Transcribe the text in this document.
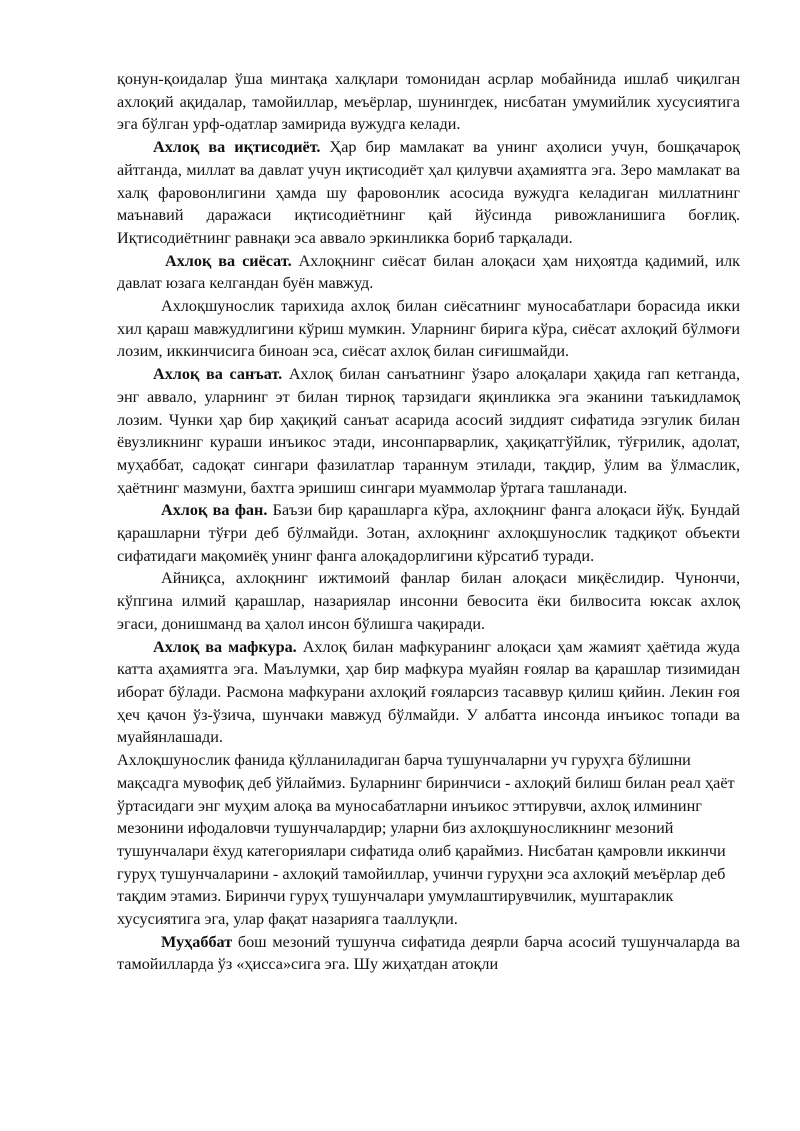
қонун-қоидалар ўша минтақа халқлари томонидан асрлар мобайнида ишлаб чиқилган ахлоқий ақидалар, тамойиллар, меъёрлар, шунингдек, нисбатан умумийлик хусусиятига эга бўлган урф-одатлар замирида вужудга келади.

Ахлоқ ва иқтисодиёт. Ҳар бир мамлакат ва унинг аҳолиси учун, бошқачароқ айтганда, миллат ва давлат учун иқтисодиёт ҳал қилувчи аҳамиятга эга. Зеро мамлакат ва халқ фаровонлигини ҳамда шу фаровонлик асосида вужудга келадиган миллатнинг маънавий даражаси иқтисодиётнинг қай йўсинда ривожланишига боғлиқ. Иқтисодиётнинг равнақи эса аввало эркинликка бориб тарқалади.

Ахлоқ ва сиёсат. Ахлоқнинг сиёсат билан алоқаси ҳам ниҳоятда қадимий, илк давлат юзага келгандан буён мавжуд.

Ахлоқшунослик тарихида ахлоқ билан сиёсатнинг муносабатлари борасида икки хил қараш мавжудлигини кўриш мумкин. Уларнинг бирига кўра, сиёсат ахлоқий бўлмоғи лозим, иккинчисига биноан эса, сиёсат ахлоқ билан сиғишмайди.

Ахлоқ ва санъат. Ахлоқ билан санъатнинг ўзаро алоқалари ҳақида гап кетганда, энг аввало, уларнинг эт билан тирноқ тарзидаги яқинликка эга эканини таъкидламоқ лозим. Чунки ҳар бир ҳақиқий санъат асарида асосий зиддият сифатида эзгулик билан ёвузликнинг кураши инъикос этади, инсонпарварлик, ҳақиқатгўйлик, тўғрилик, адолат, муҳаббат, садоқат сингари фазилатлар тараннум этилади, тақдир, ўлим ва ўлмаслик, ҳаётнинг мазмуни, бахтга эришиш сингари муаммолар ўртага ташланади.

Ахлоқ ва фан. Баъзи бир қарашларга кўра, ахлоқнинг фанга алоқаси йўқ. Бундай қарашларни тўғри деб бўлмайди. Зотан, ахлоқнинг ахлоқшунослик тадқиқот объекти сифатидаги мақомиёқ унинг фанга алоқадорлигини кўрсатиб туради.

Айниқса, ахлоқнинг ижтимоий фанлар билан алоқаси миқёслидир. Чунончи, кўпгина илмий қарашлар, назариялар инсонни бевосита ёки билвосита юксак ахлоқ эгаси, донишманд ва ҳалол инсон бўлишга чақиради.

Ахлоқ ва мафкура. Ахлоқ билан мафкуранинг алоқаси ҳам жамият ҳаётида жуда катта аҳамиятга эга. Маълумки, ҳар бир мафкура муайян ғоялар ва қарашлар тизимидан иборат бўлади. Расмона мафкурани ахлоқий ғояларсиз тасаввур қилиш қийин. Лекин ғоя ҳеч қачон ўз-ўзича, шунчаки мавжуд бўлмайди. У албатта инсонда инъикос топади ва муайянлашади.

Ахлоқшунослик фанида қўлланиладиган барча тушунчаларни уч гуруҳга бўлишни мақсадга мувофиқ деб ўйлаймиз. Буларнинг биринчиси - ахлоқий билиш билан реал ҳаёт ўртасидаги энг муҳим алоқа ва муносабатларни инъикос эттирувчи, ахлоқ илмининг мезонини ифодаловчи тушунчалардир; уларни биз ахлоқшуносликнинг мезоний тушунчалари ёхуд категориялари сифатида олиб қараймиз. Нисбатан қамровли иккинчи гуруҳ тушунчаларини - ахлоқий тамойиллар, учинчи гуруҳни эса ахлоқий меъёрлар деб тақдим этамиз. Биринчи гуруҳ тушунчалари умумлаштирувчилик, муштараклик хусусиятига эга, улар фақат назарияга тааллуқли.

Муҳаббат бош мезоний тушунча сифатида деярли барча асосий тушунчаларда ва тамойилларда ўз «ҳисса»сига эга. Шу жиҳатдан атоқли
